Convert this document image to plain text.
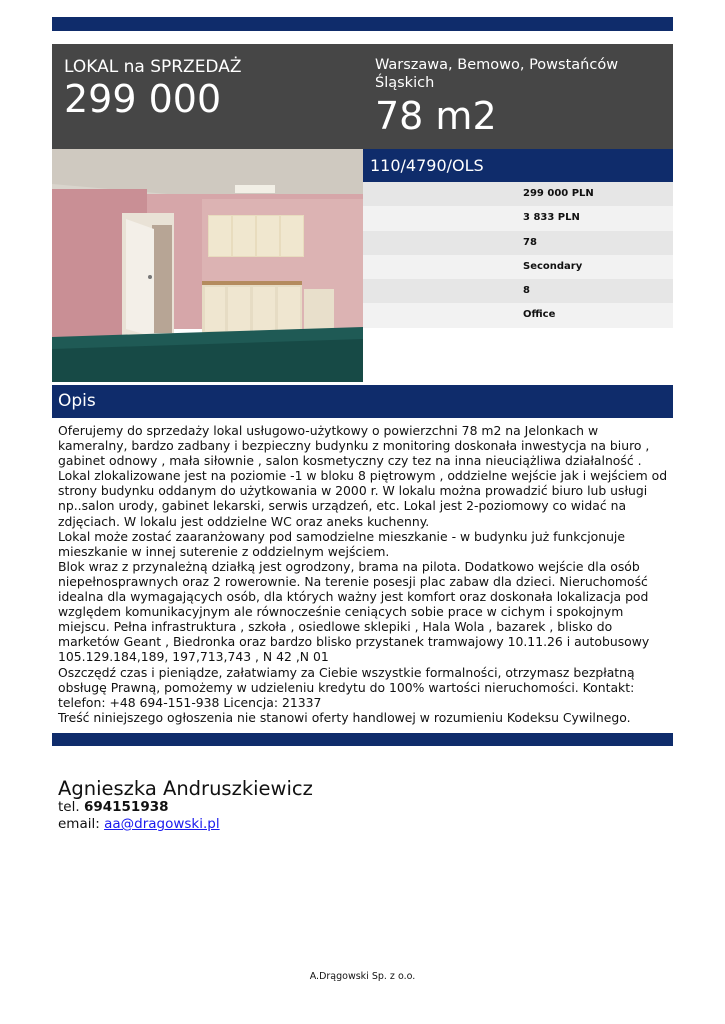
LOKAL na SPRZEDAŻ
299 000
Warszawa, Bemowo, Powstańców Śląskich
78 m2
110/4790/OLS
299 000 PLN
3 833 PLN
78
Secondary
8
Office
Opis
Oferujemy do sprzedaży lokal usługowo-użytkowy o powierzchni 78 m2 na Jelonkach w kameralny, bardzo zadbany i bezpieczny budynku z monitoring doskonała inwestycja na biuro , gabinet odnowy , mała siłownie , salon kosmetyczny czy tez na inna nieuciążliwa działalność .
Lokal zlokalizowane jest na poziomie -1 w bloku 8 piętrowym , oddzielne wejście jak i wejściem od strony budynku oddanym do użytkowania w 2000 r. W lokalu można prowadzić biuro lub usługi np..salon urody, gabinet lekarski, serwis urządzeń, etc. Lokal jest 2-poziomowy co widać na zdjęciach. W lokalu jest oddzielne WC oraz aneks kuchenny.
Lokal może zostać zaaranżowany pod samodzielne mieszkanie - w budynku już funkcjonuje mieszkanie w innej suterenie z oddzielnym wejściem.
Blok wraz z przynależną działką jest ogrodzony, brama na pilota. Dodatkowo wejście dla osób niepełnosprawnych oraz 2 rowerownie. Na terenie posesji plac zabaw dla dzieci. Nieruchomość idealna dla wymagających osób, dla których ważny jest komfort oraz doskonała lokalizacja pod względem komunikacyjnym ale równocześnie ceniących sobie prace w cichym i spokojnym miejscu. Pełna infrastruktura , szkoła , osiedlowe sklepiki , Hala Wola , bazarek , blisko do marketów Geant , Biedronka oraz bardzo blisko przystanek tramwajowy 10.11.26 i autobusowy 105.129.184,189, 197,713,743 , N 42 ,N 01
Oszczędź czas i pieniądze, załatwiamy za Ciebie wszystkie formalności, otrzymasz bezpłatną obsługę Prawną, pomożemy w udzieleniu kredytu do 100% wartości nieruchomości. Kontakt: telefon: +48 694-151-938 Licencja: 21337
Treść niniejszego ogłoszenia nie stanowi oferty handlowej w rozumieniu Kodeksu Cywilnego.
Agnieszka Andruszkiewicz
tel. 694151938
email: aa@dragowski.pl
A.Drągowski Sp. z o.o.
